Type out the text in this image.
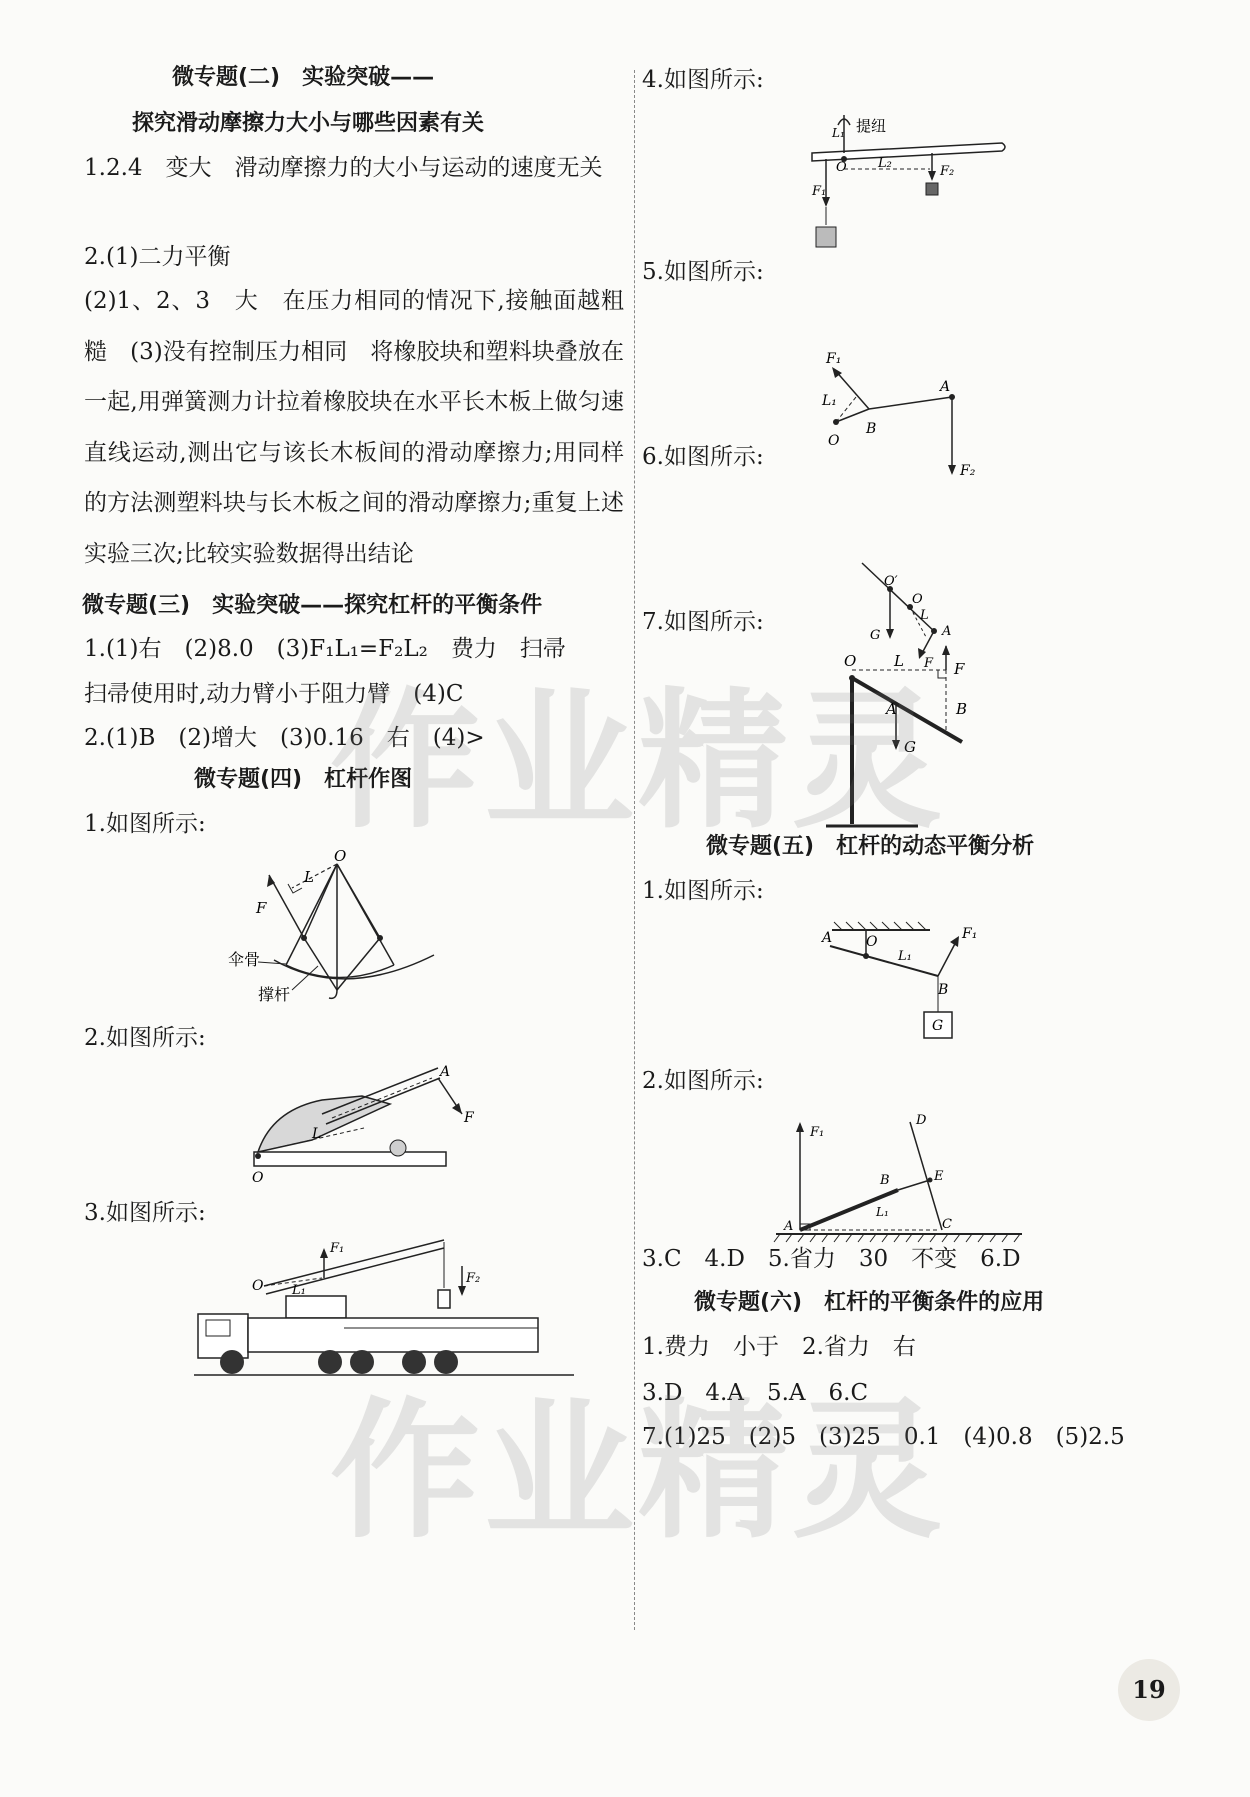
微专题(二)　实验突破——
探究滑动摩擦力大小与哪些因素有关
1.2.4　变大　滑动摩擦力的大小与运动的速度无关
2.(1)二力平衡
(2)1、2、3　大　在压力相同的情况下,接触面越粗糙　(3)没有控制压力相同　将橡胶块和塑料块叠放在一起,用弹簧测力计拉着橡胶块在水平长木板上做匀速直线运动,测出它与该长木板间的滑动摩擦力;用同样的方法测塑料块与长木板之间的滑动摩擦力;重复上述实验三次;比较实验数据得出结论
微专题(三)　实验突破——探究杠杆的平衡条件
1.(1)右　(2)8.0　(3)F₁L₁=F₂L₂　费力　扫帚
扫帚使用时,动力臂小于阻力臂　(4)C
2.(1)B　(2)增大　(3)0.16　右　(4)>
微专题(四)　杠杆作图
1.如图所示:
O
L
F
伞骨
撑杆
2.如图所示:
A
F
L
O
3.如图所示:
F₁
F₂
O L₁
4.如图所示:
提纽
L₁
O L₂
F₁
F₂
5.如图所示:
F₁
L₁
O
B
A
F₂
6.如图所示:
O′
O
L
A
G
F
7.如图所示:
O	L	F
A	B
G
微专题(五)　杠杆的动态平衡分析
1.如图所示:
A O
L₁
B
F₁
G
2.如图所示:
F₁
D
B	E
A
L₁
C
3.C　4.D　5.省力　30　不变　6.D
微专题(六)　杠杆的平衡条件的应用
1.费力　小于　2.省力　右
3.D　4.A　5.A　6.C
7.(1)25　(2)5　(3)25　0.1　(4)0.8　(5)2.5
作业精灵
作业精灵
19
